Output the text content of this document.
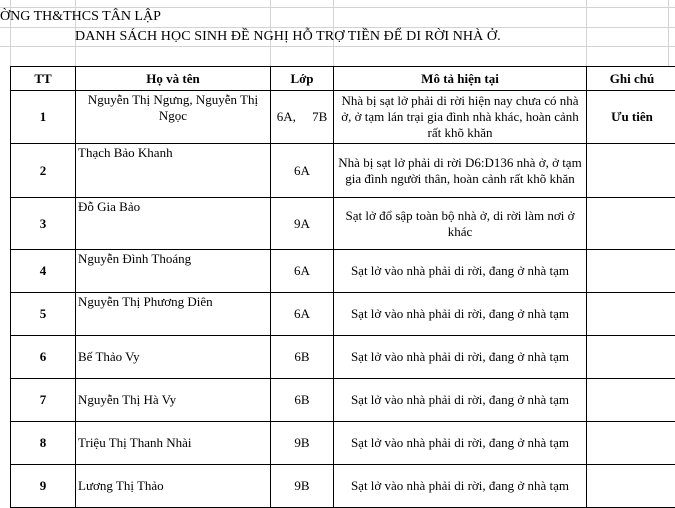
ỜNG TH&THCS TÂN LẬP
DANH SÁCH HỌC SINH ĐỀ NGHỊ HỖ TRỢ TIỀN ĐỂ DI RỜI NHÀ Ở.
TT	Họ và tên	Lớp	Mô tả hiện tại	Ghi chú
1	Nguyễn Thị Ngưng, Nguyễn Thị Ngọc	6A,     7B	Nhà bị sạt lở phải di rời hiện nay chưa có nhà ở, ở tạm lán trại gia đình nhà khác, hoàn cảnh rất khõ khăn	Ưu tiên
2	Thạch Bảo Khanh	6A	Nhà bị sạt lở phải di rời D6:D136 nhà ở, ở tạm gia đình người thân, hoàn cảnh rất khõ khăn	
3	Đỗ Gia Bảo	9A	Sạt lở đổ sập toàn bộ nhà ở, di rời làm nơi ở khác	
4	Nguyễn Đình Thoáng	6A	Sạt lở vào nhà phải di rời, đang ở nhà tạm	
5	Nguyễn Thị Phương Diên	6A	Sạt lở vào nhà phải di rời, đang ở nhà tạm	
6	Bế Thảo Vy	6B	Sạt lở vào nhà phải di rời, đang ở nhà tạm	
7	Nguyễn Thị Hà Vy	6B	Sạt lở vào nhà phải di rời, đang ở nhà tạm	
8	Triệu Thị Thanh Nhài	9B	Sạt lở vào nhà phải di rời, đang ở nhà tạm	
9	Lương Thị Thảo	9B	Sạt lở vào nhà phải di rời, đang ở nhà tạm	
